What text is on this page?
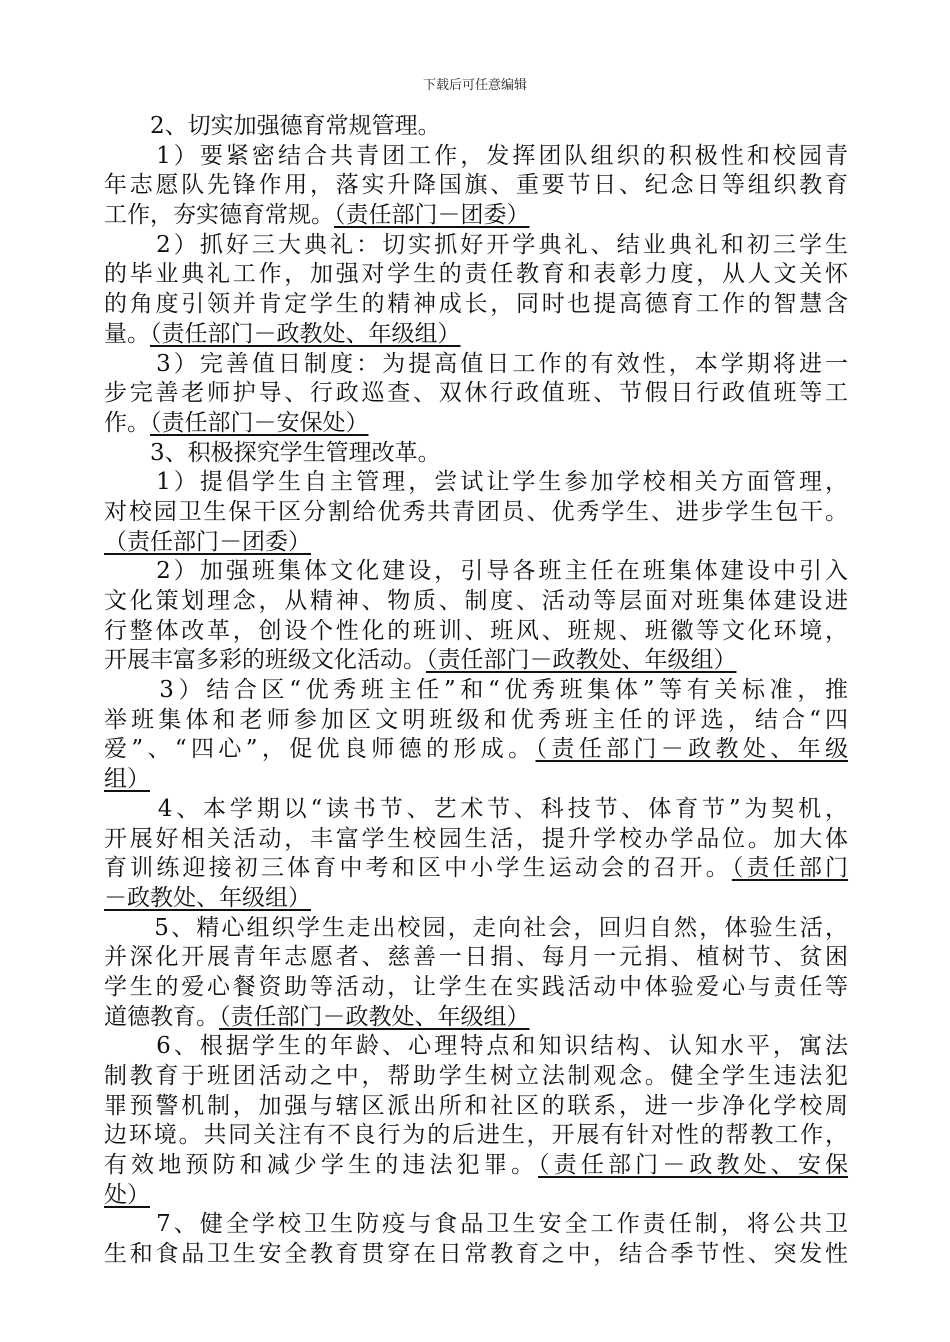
下载后可任意编辑
　　2、切实加强德育常规管理。
　　1）要紧密结合共青团工作，发挥团队组织的积极性和校园青
年志愿队先锋作用，落实升降国旗、重要节日、纪念日等组织教育
工作，夯实德育常规。（责任部门－团委）
　　2）抓好三大典礼：切实抓好开学典礼、结业典礼和初三学生
的毕业典礼工作，加强对学生的责任教育和表彰力度，从人文关怀
的角度引领并肯定学生的精神成长，同时也提高德育工作的智慧含
量。（责任部门－政教处、年级组）
　　3）完善值日制度：为提高值日工作的有效性，本学期将进一
步完善老师护导、行政巡查、双休行政值班、节假日行政值班等工
作。（责任部门－安保处）
　　3、积极探究学生管理改革。
　　1）提倡学生自主管理，尝试让学生参加学校相关方面管理，
对校园卫生保干区分割给优秀共青团员、优秀学生、进步学生包干。
（责任部门－团委）
　　2）加强班集体文化建设，引导各班主任在班集体建设中引入
文化策划理念，从精神、物质、制度、活动等层面对班集体建设进
行整体改革，创设个性化的班训、班风、班规、班徽等文化环境，
开展丰富多彩的班级文化活动。（责任部门－政教处、年级组）
　　3）结合区“优秀班主任”和“优秀班集体”等有关标准，推
举班集体和老师参加区文明班级和优秀班主任的评选，结合“四
爱”、“四心”，促优良师德的形成。（责任部门－政教处、年级
组）
　　4、本学期以“读书节、艺术节、科技节、体育节”为契机，
开展好相关活动，丰富学生校园生活，提升学校办学品位。加大体
育训练迎接初三体育中考和区中小学生运动会的召开。（责任部门
－政教处、年级组）
　　5、精心组织学生走出校园，走向社会，回归自然，体验生活，
并深化开展青年志愿者、慈善一日捐、每月一元捐、植树节、贫困
学生的爱心餐资助等活动，让学生在实践活动中体验爱心与责任等
道德教育。（责任部门－政教处、年级组）
　　6、根据学生的年龄、心理特点和知识结构、认知水平，寓法
制教育于班团活动之中，帮助学生树立法制观念。健全学生违法犯
罪预警机制，加强与辖区派出所和社区的联系，进一步净化学校周
边环境。共同关注有不良行为的后进生，开展有针对性的帮教工作，
有效地预防和减少学生的违法犯罪。（责任部门－政教处、安保
处）
　　7、健全学校卫生防疫与食品卫生安全工作责任制，将公共卫
生和食品卫生安全教育贯穿在日常教育之中，结合季节性、突发性
